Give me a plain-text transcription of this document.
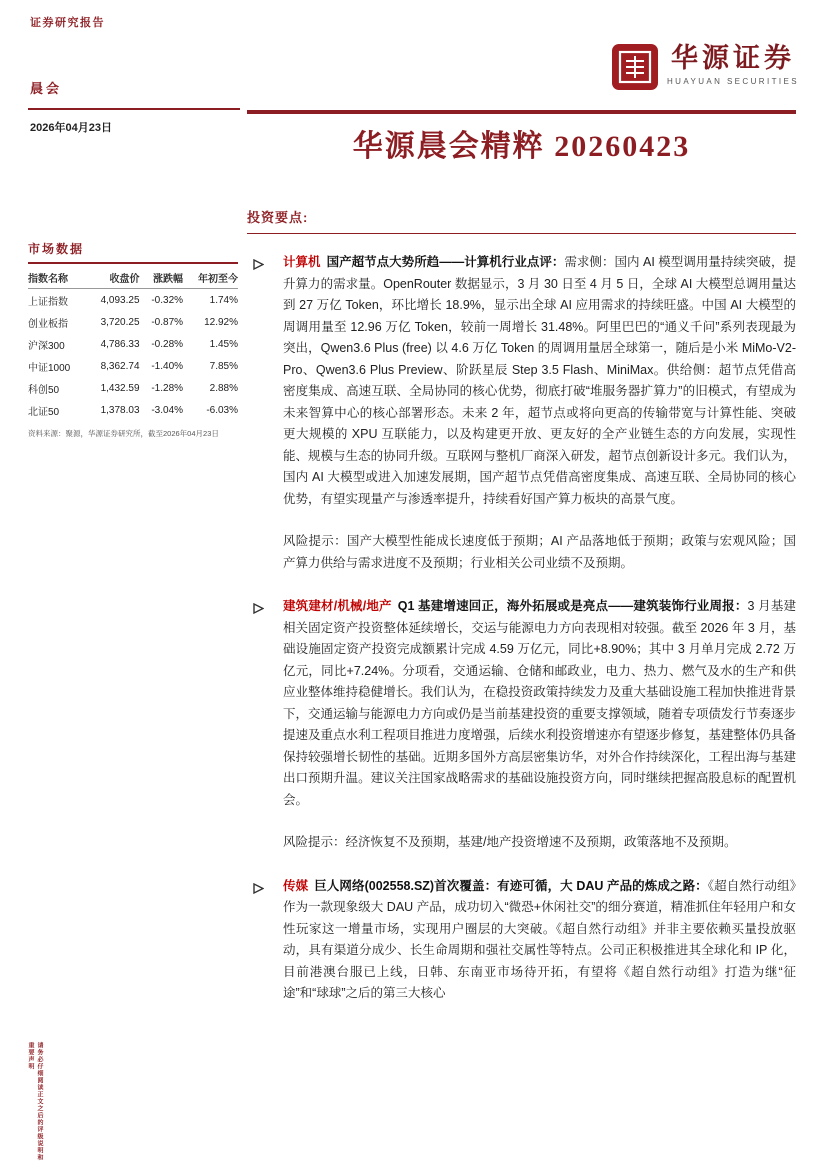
证券研究报告
华源证券
HUAYUAN SECURITIES
晨会
2026年04月23日
华源晨会精粹 20260423
投资要点:
市场数据
指数名称	收盘价	涨跌幅	年初至今
上证指数	4,093.25	-0.32%	1.74%
创业板指	3,720.25	-0.87%	12.92%
沪深300	4,786.33	-0.28%	1.45%
中证1000	8,362.74	-1.40%	7.85%
科创50	1,432.59	-1.28%	2.88%
北证50	1,378.03	-3.04%	-6.03%
资料来源：聚源，华源证券研究所，截至2026年04月23日

计算机 国产超节点大势所趋——计算机行业点评：需求侧：国内 AI 模型调用量持续突破，提升算力的需求量。OpenRouter 数据显示，3 月 30 日至 4 月 5 日，全球 AI 大模型总调用量达到 27 万亿 Token，环比增长 18.9%，显示出全球 AI 应用需求的持续旺盛。中国 AI 大模型的周调用量至 12.96 万亿 Token，较前一周增长 31.48%。阿里巴巴的“通义千问”系列表现最为突出，Qwen3.6 Plus (free) 以 4.6 万亿 Token 的周调用量居全球第一，随后是小米 MiMo-V2-Pro、Qwen3.6 Plus Preview、阶跃星辰 Step 3.5 Flash、MiniMax。供给侧：超节点凭借高密度集成、高速互联、全局协同的核心优势，彻底打破“堆服务器扩算力”的旧模式，有望成为未来智算中心的核心部署形态。未来 2 年，超节点或将向更高的传输带宽与计算性能、突破更大规模的 XPU 互联能力，以及构建更开放、更友好的全产业链生态的方向发展，实现性能、规模与生态的协同升级。互联网与整机厂商深入研发，超节点创新设计多元。我们认为，国内 AI 大模型或进入加速发展期，国产超节点凭借高密度集成、高速互联、全局协同的核心优势，有望实现量产与渗透率提升，持续看好国产算力板块的高景气度。

风险提示：国产大模型性能成长速度低于预期；AI 产品落地低于预期；政策与宏观风险；国产算力供给与需求进度不及预期；行业相关公司业绩不及预期。

建筑建材/机械/地产 Q1 基建增速回正，海外拓展或是亮点——建筑装饰行业周报：3 月基建相关固定资产投资整体延续增长，交运与能源电力方向表现相对较强。截至 2026 年 3 月，基础设施固定资产投资完成额累计完成 4.59 万亿元，同比+8.90%；其中 3 月单月完成 2.72 万亿元，同比+7.24%。分项看，交通运输、仓储和邮政业，电力、热力、燃气及水的生产和供应业整体维持稳健增长。我们认为，在稳投资政策持续发力及重大基础设施工程加快推进背景下，交通运输与能源电力方向或仍是当前基建投资的重要支撑领域，随着专项债发行节奏逐步提速及重点水利工程项目推进力度增强，后续水利投资增速亦有望逐步修复，基建整体仍具备保持较强增长韧性的基础。近期多国外方高层密集访华，对外合作持续深化，工程出海与基建出口预期升温。建议关注国家战略需求的基础设施投资方向，同时继续把握高股息标的配置机会。

风险提示：经济恢复不及预期，基建/地产投资增速不及预期，政策落地不及预期。

传媒 巨人网络(002558.SZ)首次覆盖：有迹可循，大 DAU 产品的炼成之路：《超自然行动组》作为一款现象级大 DAU 产品，成功切入“微恐+休闲社交”的细分赛道，精准抓住年轻用户和女性玩家这一增量市场，实现用户圈层的大突破。《超自然行动组》并非主要依赖买量投放驱动，具有渠道分成少、长生命周期和强社交属性等特点。公司正积极推进其全球化和 IP 化，目前港澳台服已上线，日韩、东南亚市场待开拓，有望将《超自然行动组》打造为继“征途”和“球球”之后的第三大核心

请务必仔细阅读正文之后的评级说明和重要声明
